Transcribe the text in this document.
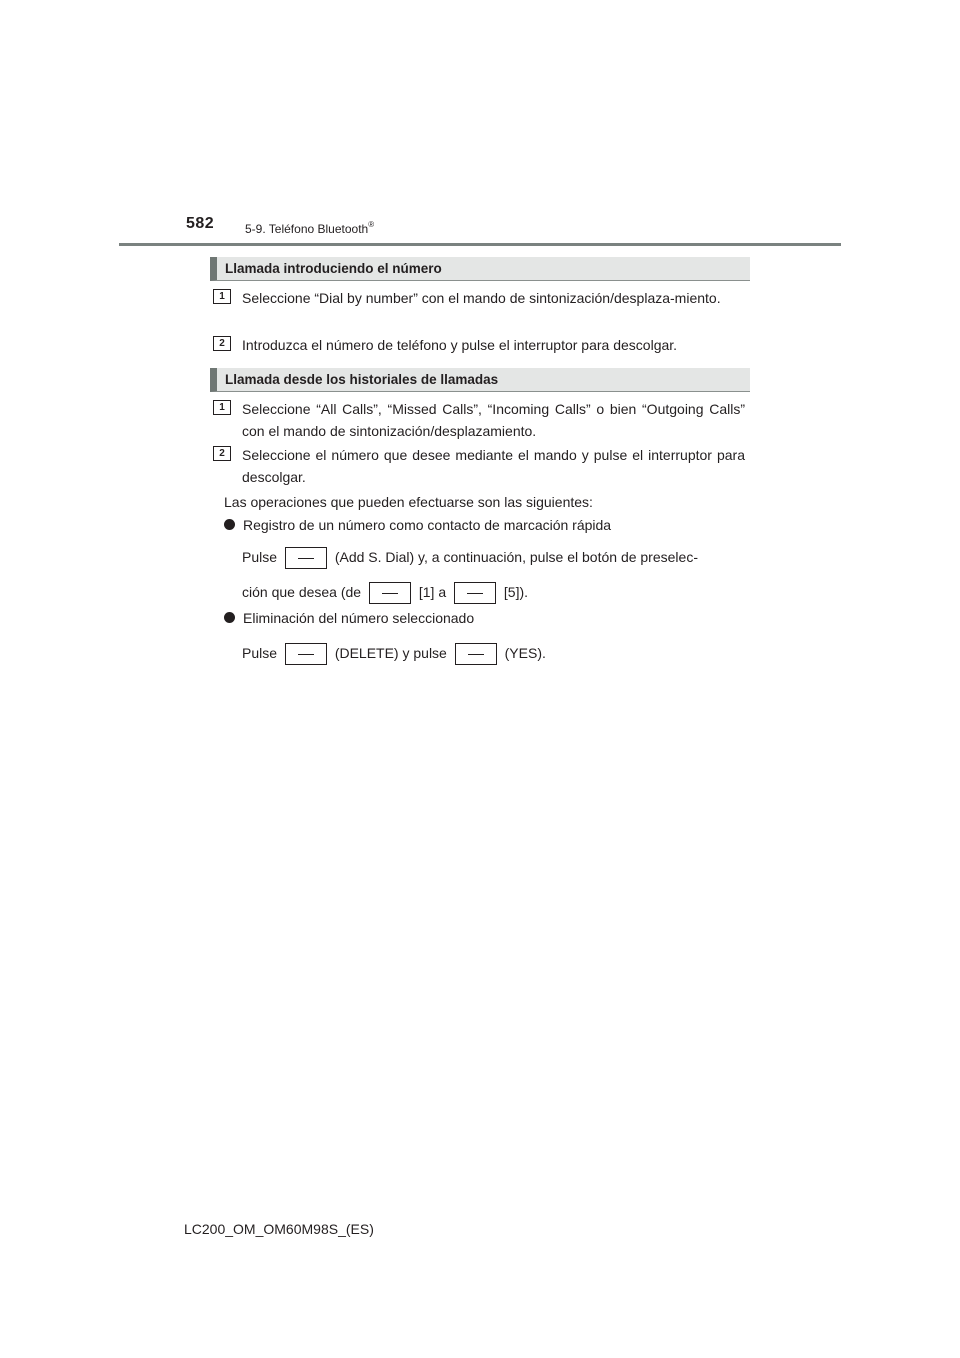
582	5-9. Teléfono Bluetooth®
Llamada introduciendo el número
1	Seleccione “Dial by number” con el mando de sintonización/desplaza-miento.
2	Introduzca el número de teléfono y pulse el interruptor para descolgar.
Llamada desde los historiales de llamadas
1	Seleccione “All Calls”, “Missed Calls”, “Incoming Calls” o bien “Outgoing Calls” con el mando de sintonización/desplazamiento.
2	Seleccione el número que desee mediante el mando y pulse el interruptor para descolgar.
Las operaciones que pueden efectuarse son las siguientes:
Registro de un número como contacto de marcación rápida
Pulse	(Add S. Dial) y, a continuación, pulse el botón de preselec-
ción que desea (de	[1] a	[5]).
Eliminación del número seleccionado
Pulse	(DELETE) y pulse	(YES).
LC200_OM_OM60M98S_(ES)
